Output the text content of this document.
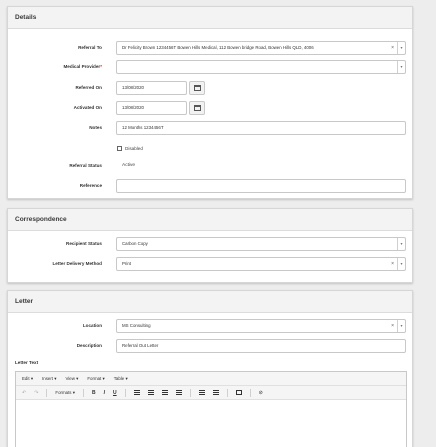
Details
Referral To	Dr Felicity Brown 1234456T Bowen Hills Medical, 112 Bowen bridge Road, Bowen Hills QLD, 4006	×	▾
Medical Provider*	▾
Referred On	13/08/2020
Activated On	13/08/2020
Notes	12 Months 1234456T
Disabled
Referral Status	Active
Reference
Correspondence
Recipient Status	Carbon Copy	▾
Letter Delivery Method	Print	×	▾
Letter
Location	MS Consulting	×	▾
Description	Referral Out Letter
Letter Text
Edit ▾ Insert ▾ View ▾ Format ▾ Table ▾
↶ ↷	Formats ▾	B I U	⊘
